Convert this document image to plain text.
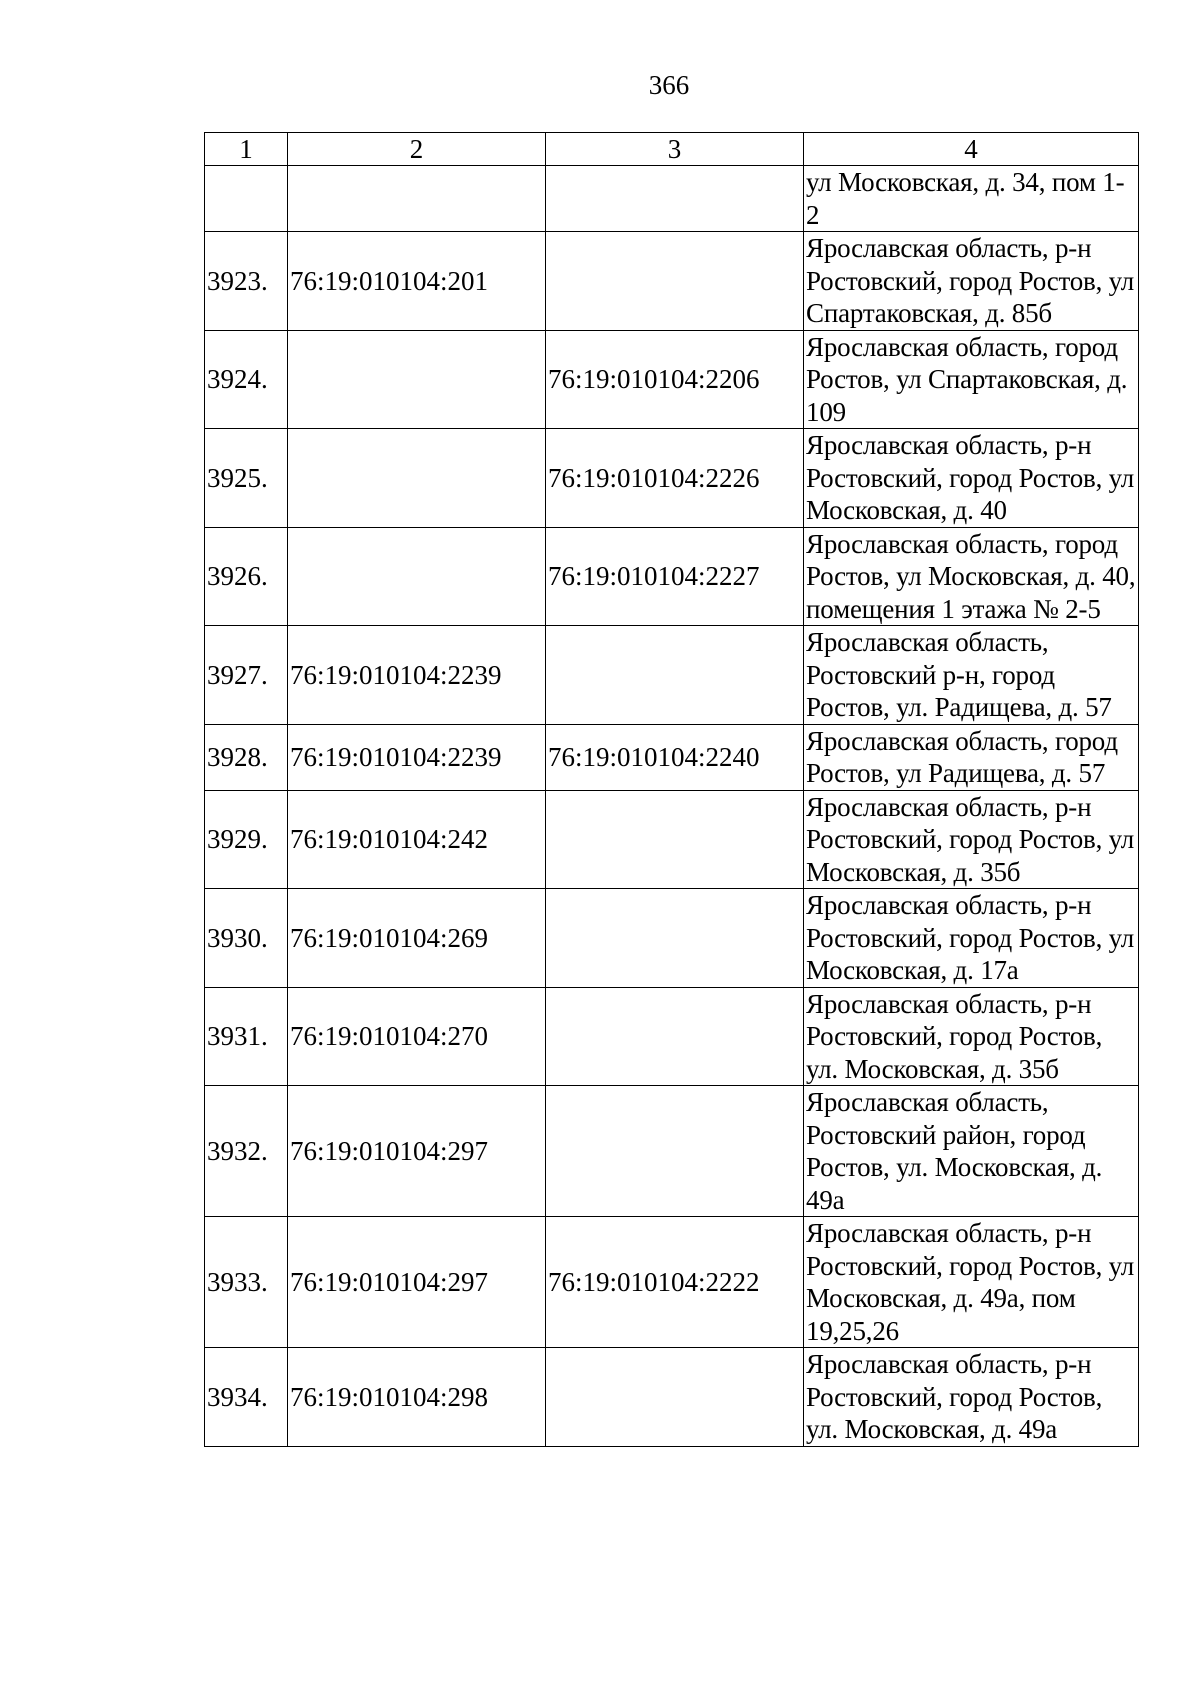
366
1	2	3	4
			ул Московская, д. 34, пом 1-2
3923.	76:19:010104:201		Ярославская область, р-н Ростовский, город Ростов, ул Спартаковская, д. 85б
3924.		76:19:010104:2206	Ярославская область, город Ростов, ул Спартаковская, д. 109
3925.		76:19:010104:2226	Ярославская область, р-н Ростовский, город Ростов, ул Московская, д. 40
3926.		76:19:010104:2227	Ярославская область, город Ростов, ул Московская, д. 40, помещения 1 этажа № 2-5
3927.	76:19:010104:2239		Ярославская область, Ростовский р-н, город Ростов, ул. Радищева, д. 57
3928.	76:19:010104:2239	76:19:010104:2240	Ярославская область, город Ростов, ул Радищева, д. 57
3929.	76:19:010104:242		Ярославская область, р-н Ростовский, город Ростов, ул Московская, д. 35б
3930.	76:19:010104:269		Ярославская область, р-н Ростовский, город Ростов, ул Московская, д. 17а
3931.	76:19:010104:270		Ярославская область, р-н Ростовский, город Ростов, ул. Московская, д. 35б
3932.	76:19:010104:297		Ярославская область, Ростовский район, город Ростов, ул. Московская, д. 49а
3933.	76:19:010104:297	76:19:010104:2222	Ярославская область, р-н Ростовский, город Ростов, ул Московская, д. 49а, пом 19,25,26
3934.	76:19:010104:298		Ярославская область, р-н Ростовский, город Ростов, ул. Московская, д. 49а
